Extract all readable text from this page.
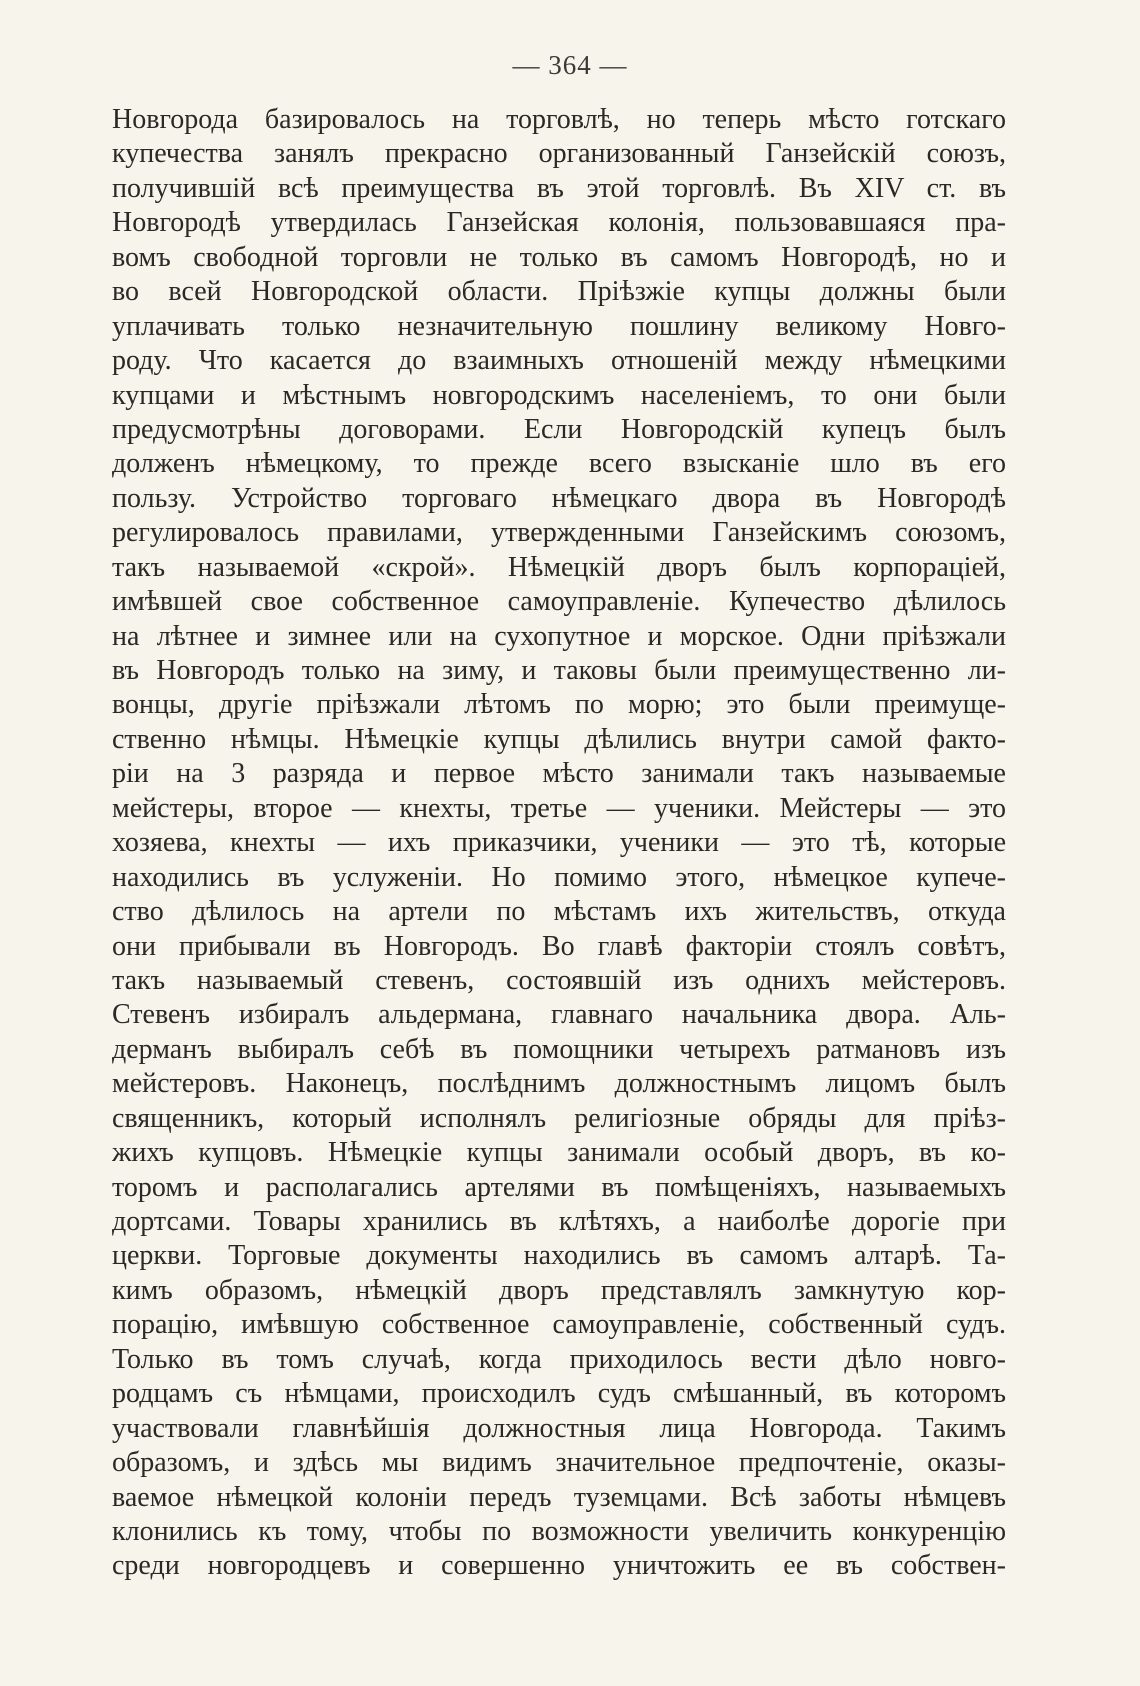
— 364 —
Новгорода базировалось на торговлѣ, но теперь мѣсто готскаго
купечества занялъ прекрасно организованный Ганзейскій союзъ,
получившій всѣ преимущества въ этой торговлѣ. Въ XIV ст. въ
Новгородѣ утвердилась Ганзейская колонія, пользовавшаяся пра-
вомъ свободной торговли не только въ самомъ Новгородѣ, но и
во всей Новгородской области. Пріѣзжіе купцы должны были
уплачивать только незначительную пошлину великому Новго-
роду. Что касается до взаимныхъ отношеній между нѣмецкими
купцами и мѣстнымъ новгородскимъ населеніемъ, то они были
предусмотрѣны договорами. Если Новгородскій купецъ былъ
долженъ нѣмецкому, то прежде всего взысканіе шло въ его
пользу. Устройство торговаго нѣмецкаго двора въ Новгородѣ
регулировалось правилами, утвержденными Ганзейскимъ союзомъ,
такъ называемой «скрой». Нѣмецкій дворъ былъ корпораціей,
имѣвшей свое собственное самоуправленіе. Купечество дѣлилось
на лѣтнее и зимнее или на сухопутное и морское. Одни пріѣзжали
въ Новгородъ только на зиму, и таковы были преимущественно ли-
вонцы, другіе пріѣзжали лѣтомъ по морю; это были преимуще-
ственно нѣмцы. Нѣмецкіе купцы дѣлились внутри самой факто-
ріи на 3 разряда и первое мѣсто занимали такъ называемые
мейстеры, второе — кнехты, третье — ученики. Мейстеры — это
хозяева, кнехты — ихъ приказчики, ученики — это тѣ, которые
находились въ услуженіи. Но помимо этого, нѣмецкое купече-
ство дѣлилось на артели по мѣстамъ ихъ жительствъ, откуда
они прибывали въ Новгородъ. Во главѣ факторіи стоялъ совѣтъ,
такъ называемый стевенъ, состоявшій изъ однихъ мейстеровъ.
Стевенъ избиралъ альдермана, главнаго начальника двора. Аль-
дерманъ выбиралъ себѣ въ помощники четырехъ ратмановъ изъ
мейстеровъ. Наконецъ, послѣднимъ должностнымъ лицомъ былъ
священникъ, который исполнялъ религіозные обряды для пріѣз-
жихъ купцовъ. Нѣмецкіе купцы занимали особый дворъ, въ ко-
торомъ и располагались артелями въ помѣщеніяхъ, называемыхъ
дортсами. Товары хранились въ клѣтяхъ, а наиболѣе дорогіе при
церкви. Торговые документы находились въ самомъ алтарѣ. Та-
кимъ образомъ, нѣмецкій дворъ представлялъ замкнутую кор-
порацію, имѣвшую собственное самоуправленіе, собственный судъ.
Только въ томъ случаѣ, когда приходилось вести дѣло новго-
родцамъ съ нѣмцами, происходилъ судъ смѣшанный, въ которомъ
участвовали главнѣйшія должностныя лица Новгорода. Такимъ
образомъ, и здѣсь мы видимъ значительное предпочтеніе, оказы-
ваемое нѣмецкой колоніи передъ туземцами. Всѣ заботы нѣмцевъ
клонились къ тому, чтобы по возможности увеличить конкуренцію
среди новгородцевъ и совершенно уничтожить ее въ собствен-
